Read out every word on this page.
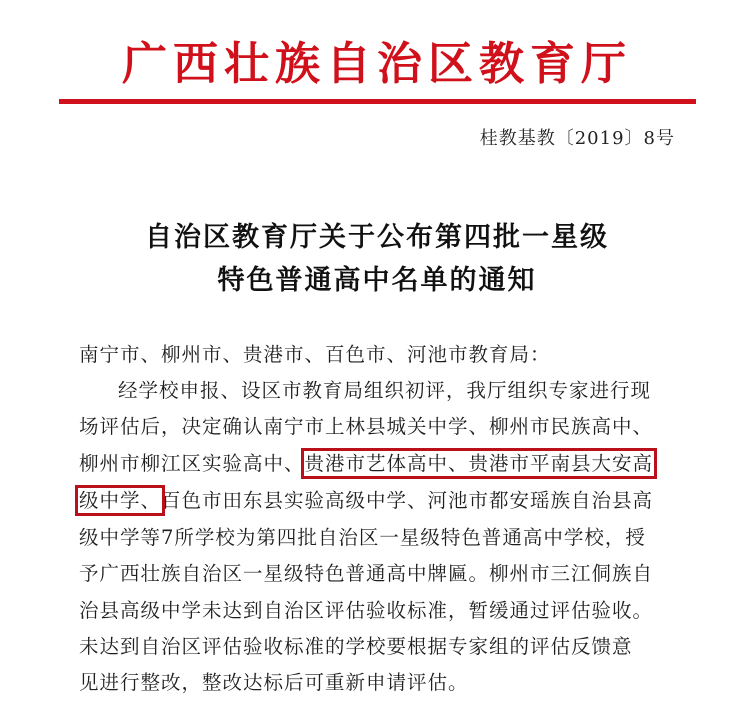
广西壮族自治区教育厅
桂教基教〔2019〕8号
自治区教育厅关于公布第四批一星级
特色普通高中名单的通知
南宁市、柳州市、贵港市、百色市、河池市教育局：
经学校申报、设区市教育局组织初评，我厅组织专家进行现
场评估后，决定确认南宁市上林县城关中学、柳州市民族高中、
柳州市柳江区实验高中、贵港市艺体高中、贵港市平南县大安高
级中学、百色市田东县实验高级中学、河池市都安瑶族自治县高
级中学等7所学校为第四批自治区一星级特色普通高中学校，授
予广西壮族自治区一星级特色普通高中牌匾。柳州市三江侗族自
治县高级中学未达到自治区评估验收标准，暂缓通过评估验收。
未达到自治区评估验收标准的学校要根据专家组的评估反馈意
见进行整改，整改达标后可重新申请评估。
